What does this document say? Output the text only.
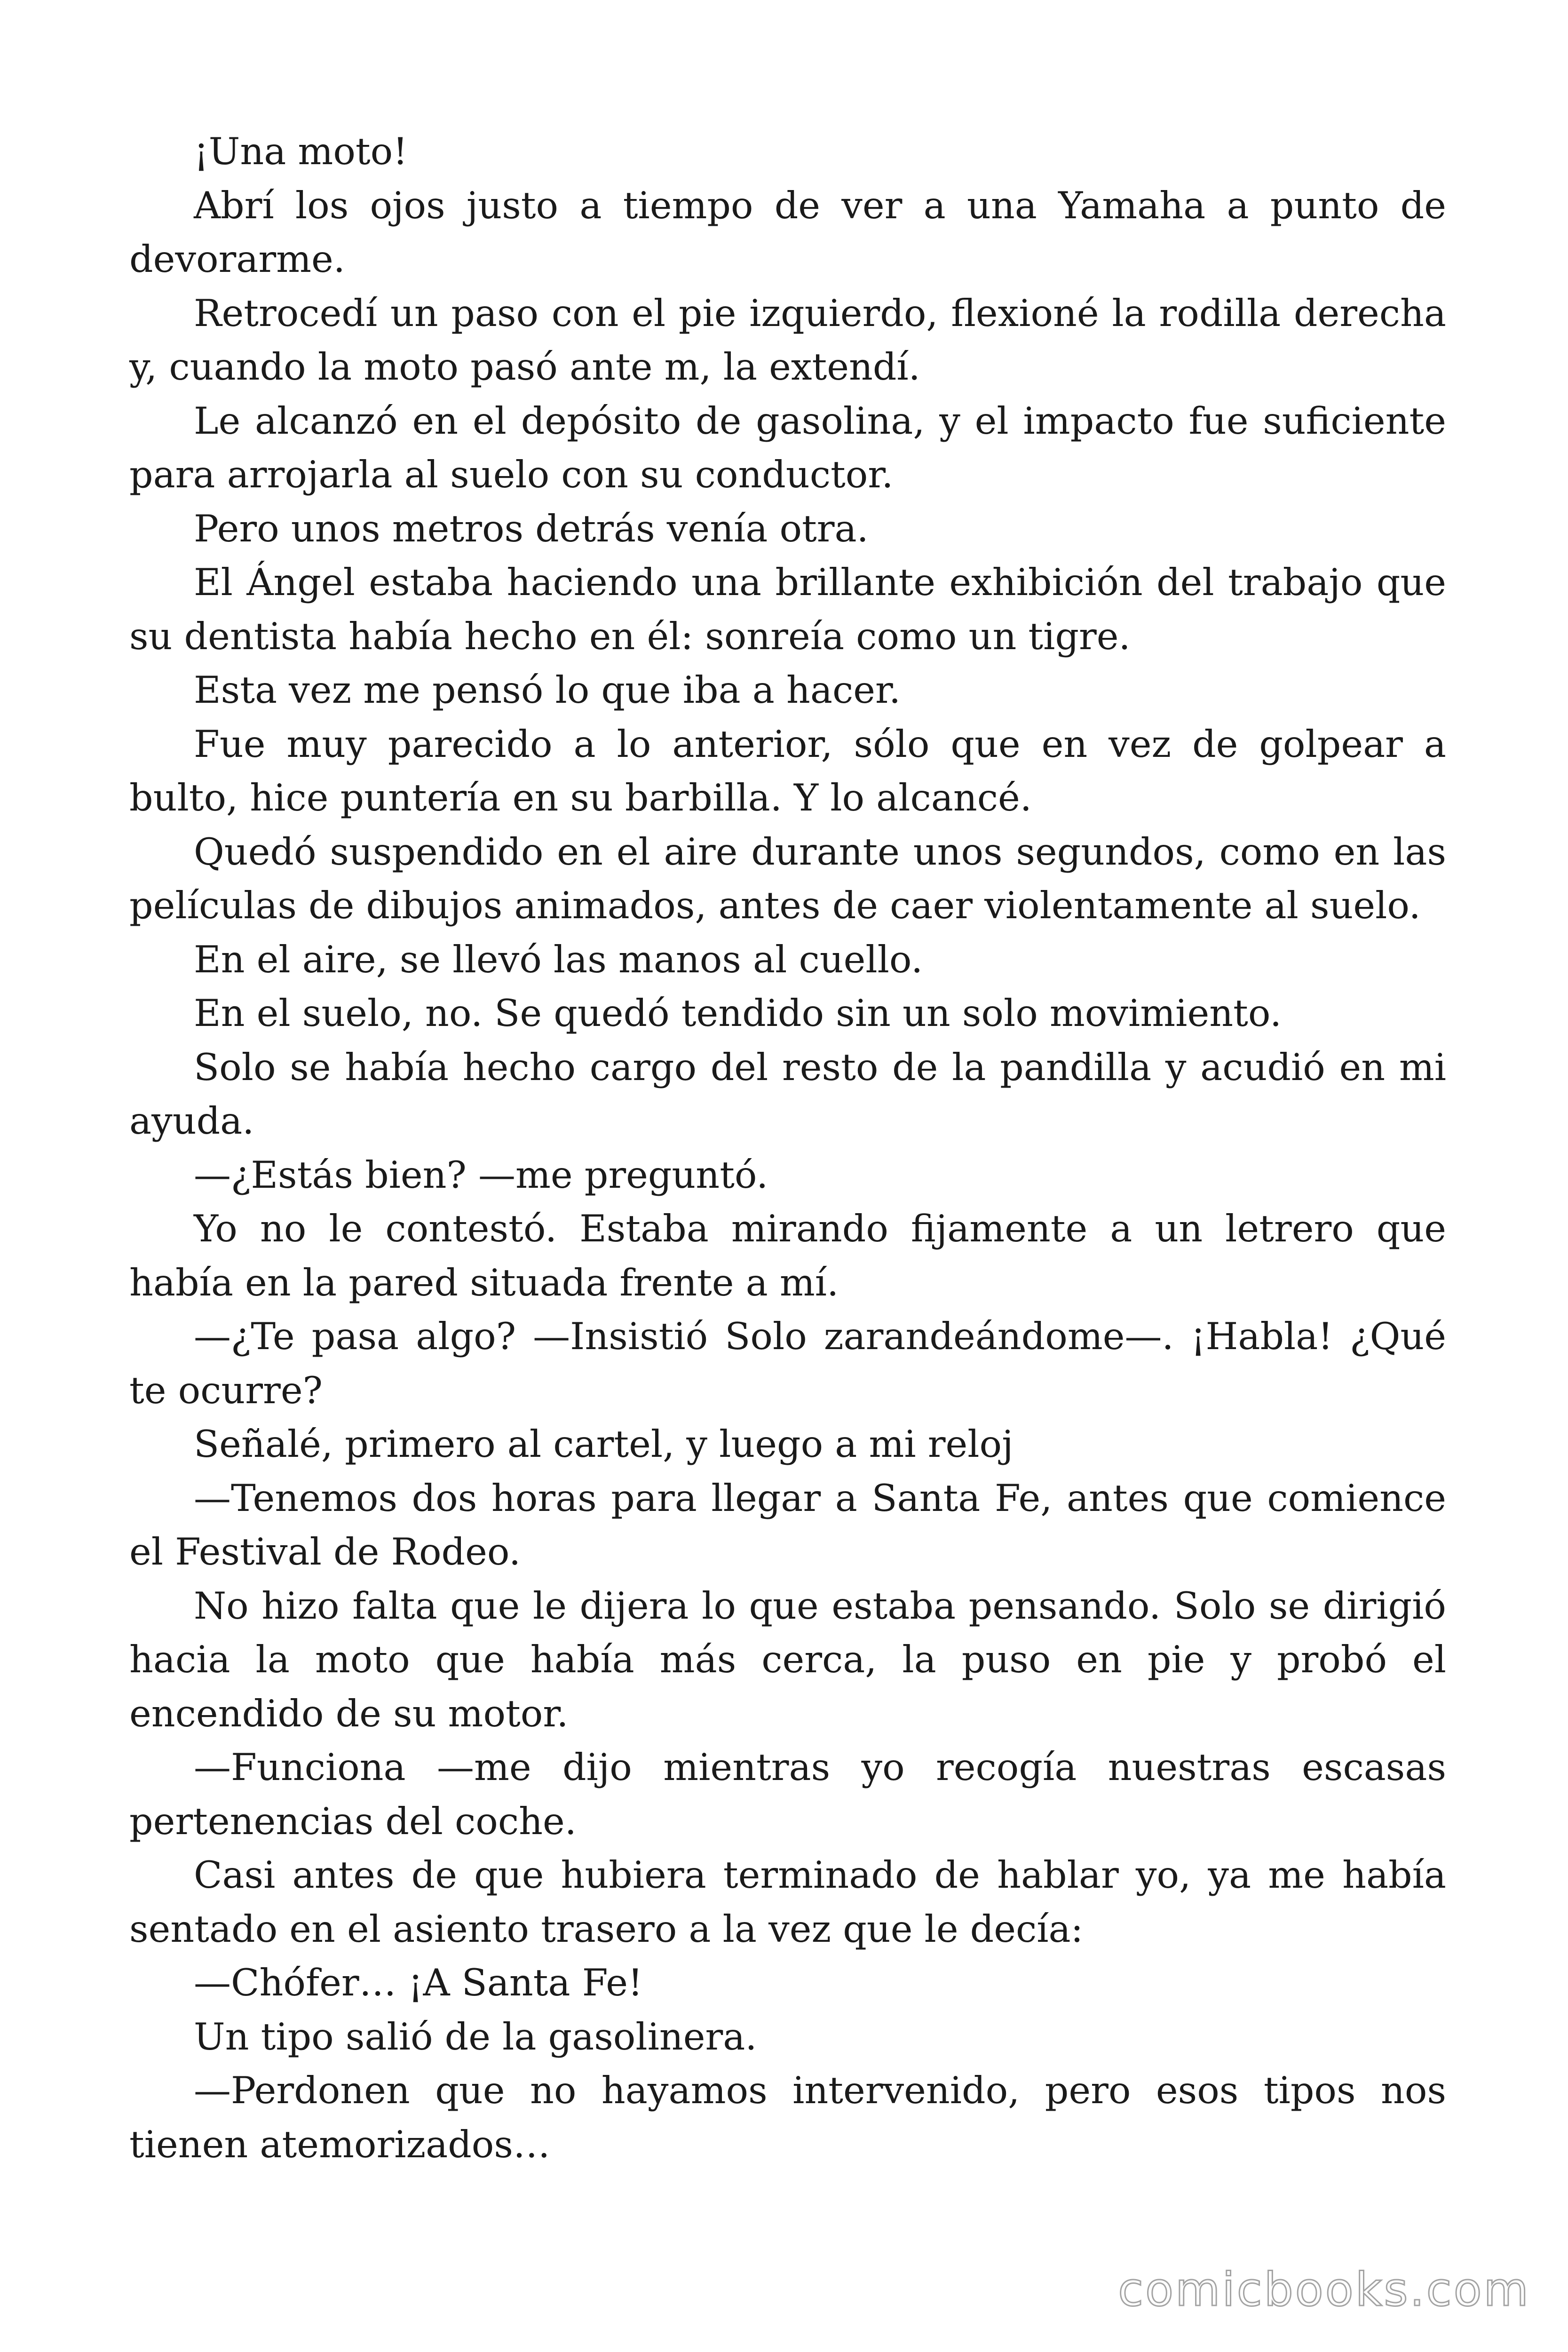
¡Una moto!

Abrí los ojos justo a tiempo de ver a una Yamaha a punto de devorarme.

Retrocedí un paso con el pie izquierdo, flexioné la rodilla derecha y, cuando la moto pasó ante m, la extendí.

Le alcanzó en el depósito de gasolina, y el impacto fue suficiente para arrojarla al suelo con su conductor.

Pero unos metros detrás venía otra.

El Ángel estaba haciendo una brillante exhibición del trabajo que su dentista había hecho en él: sonreía como un tigre.

Esta vez me pensó lo que iba a hacer.

Fue muy parecido a lo anterior, sólo que en vez de golpear a bulto, hice puntería en su barbilla. Y lo alcancé.

Quedó suspendido en el aire durante unos segundos, como en las películas de dibujos animados, antes de caer violentamente al suelo.

En el aire, se llevó las manos al cuello.

En el suelo, no. Se quedó tendido sin un solo movimiento.

Solo se había hecho cargo del resto de la pandilla y acudió en mi ayuda.

—¿Estás bien? —me preguntó.

Yo no le contestó. Estaba mirando fijamente a un letrero que había en la pared situada frente a mí.

—¿Te pasa algo? —Insistió Solo zarandeándome—. ¡Habla! ¿Qué te ocurre?

Señalé, primero al cartel, y luego a mi reloj

—Tenemos dos horas para llegar a Santa Fe, antes que comience el Festival de Rodeo.

No hizo falta que le dijera lo que estaba pensando. Solo se dirigió hacia la moto que había más cerca, la puso en pie y probó el encendido de su motor.

—Funciona —me dijo mientras yo recogía nuestras escasas pertenencias del coche.

Casi antes de que hubiera terminado de hablar yo, ya me había sentado en el asiento trasero a la vez que le decía:

—Chófer… ¡A Santa Fe!

Un tipo salió de la gasolinera.

—Perdonen que no hayamos intervenido, pero esos tipos nos tienen atemorizados…

comicbooks.com
